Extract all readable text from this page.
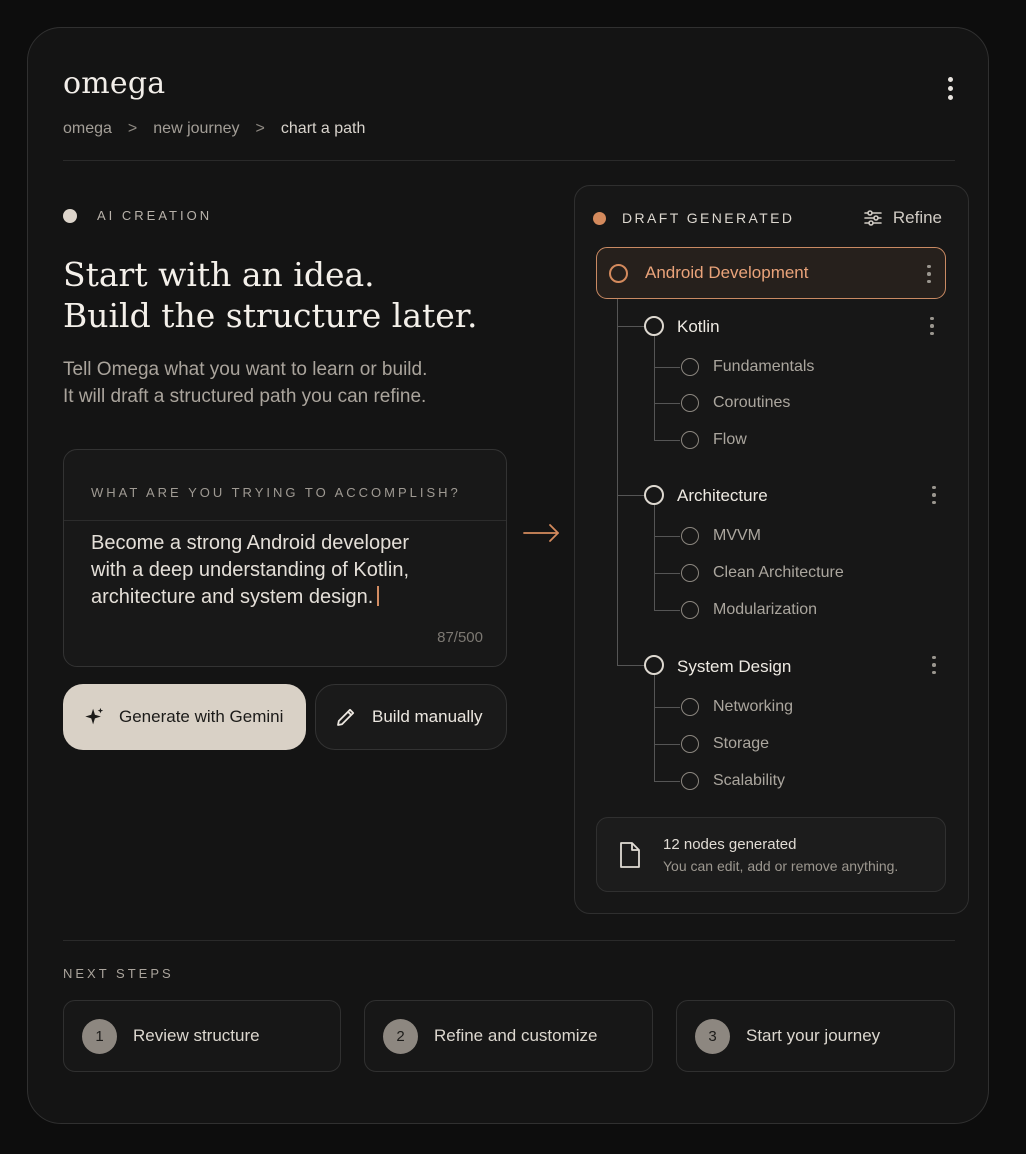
omega
omega > new journey > chart a path
AI CREATION
Start with an idea.
Build the structure later.
Tell Omega what you want to learn or build.
It will draft a structured path you can refine.
WHAT ARE YOU TRYING TO ACCOMPLISH?
Become a strong Android developer
with a deep understanding of Kotlin,
architecture and system design.
87/500
Generate with Gemini	Build manually
DRAFT GENERATED	Refine
Android Development
Kotlin
Fundamentals
Coroutines
Flow
Architecture
MVVM
Clean Architecture
Modularization
System Design
Networking
Storage
Scalability
12 nodes generated
You can edit, add or remove anything.
NEXT STEPS
1	Review structure	2	Refine and customize	3	Start your journey
